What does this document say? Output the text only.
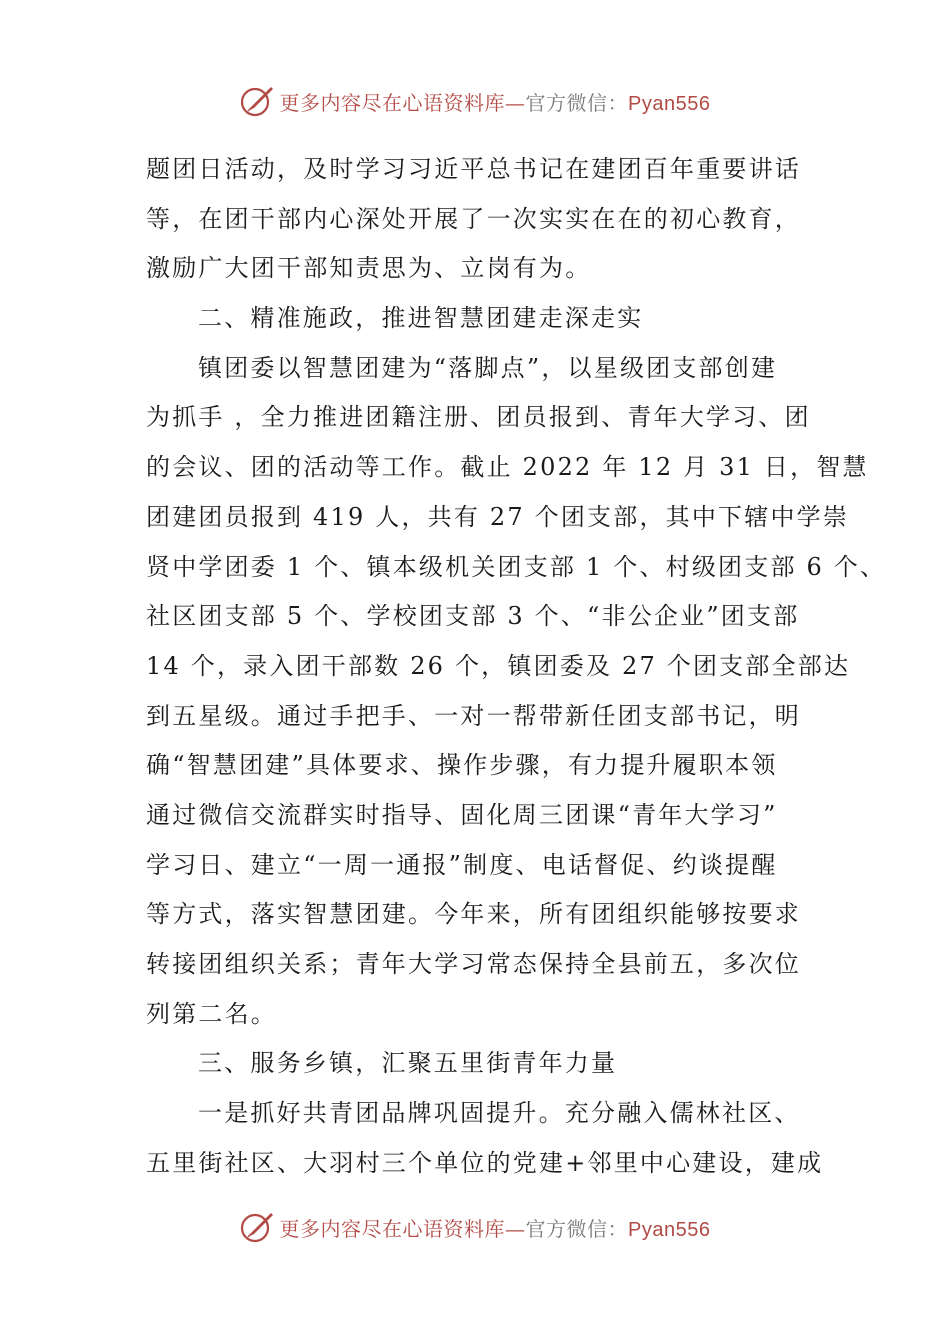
更多内容尽在心语资料库—官方微信：Pyan556
题团日活动，及时学习习近平总书记在建团百年重要讲话
等，在团干部内心深处开展了一次实实在在的初心教育，
激励广大团干部知责思为、立岗有为。
二、精准施政，推进智慧团建走深走实
镇团委以智慧团建为“落脚点”，以星级团支部创建
为抓手 ，全力推进团籍注册、团员报到、青年大学习、团
的会议、团的活动等工作。截止 2022 年 12 月 31 日，智慧
团建团员报到 419 人，共有 27 个团支部，其中下辖中学崇
贤中学团委 1 个、镇本级机关团支部 1 个、村级团支部 6 个、
社区团支部 5 个、学校团支部 3 个、“非公企业”团支部
14 个，录入团干部数 26 个，镇团委及 27 个团支部全部达
到五星级。通过手把手、一对一帮带新任团支部书记，明
确“智慧团建”具体要求、操作步骤，有力提升履职本领
通过微信交流群实时指导、固化周三团课“青年大学习”
学习日、建立“一周一通报”制度、电话督促、约谈提醒
等方式，落实智慧团建。今年来，所有团组织能够按要求
转接团组织关系；青年大学习常态保持全县前五，多次位
列第二名。
三、服务乡镇，汇聚五里街青年力量
一是抓好共青团品牌巩固提升。充分融入儒林社区、
五里街社区、大羽村三个单位的党建+邻里中心建设，建成
更多内容尽在心语资料库—官方微信：Pyan556
